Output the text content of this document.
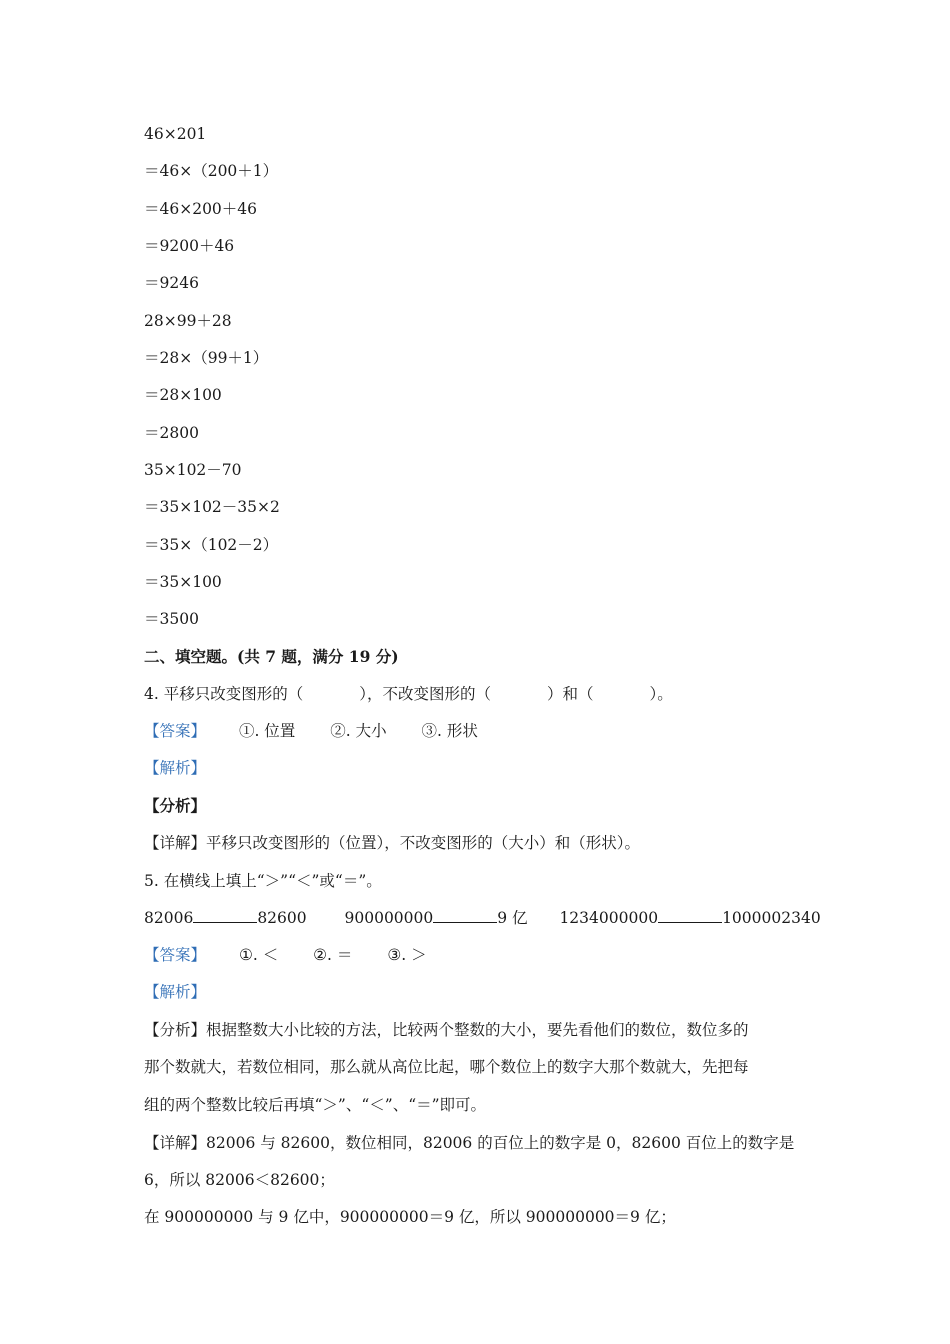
46×201
＝46×（200＋1）
＝46×200＋46
＝9200＋46
＝9246
28×99＋28
＝28×（99＋1）
＝28×100
＝2800
35×102－70
＝35×102－35×2
＝35×（102－2）
＝35×100
＝3500
二、填空题。(共 7 题，满分 19 分)
4. 平移只改变图形的（	），不改变图形的（	）和（	）。
【答案】 ①. 位置 ②. 大小 ③. 形状
【解析】
【分析】
【详解】平移只改变图形的（位置），不改变图形的（大小）和（形状）。
5. 在横线上填上“＞”“＜”或“＝”。
82006	82600 900000000	9 亿 1234000000	1000002340
【答案】 ①. ＜ ②. ＝ ③. ＞
【解析】
【分析】根据整数大小比较的方法，比较两个整数的大小，要先看他们的数位，数位多的
那个数就大，若数位相同，那么就从高位比起，哪个数位上的数字大那个数就大，先把每
组的两个整数比较后再填“＞”、“＜”、“＝”即可。
【详解】82006 与 82600，数位相同，82006 的百位上的数字是 0，82600 百位上的数字是
6，所以 82006＜82600；
在 900000000 与 9 亿中，900000000＝9 亿，所以 900000000＝9 亿；
